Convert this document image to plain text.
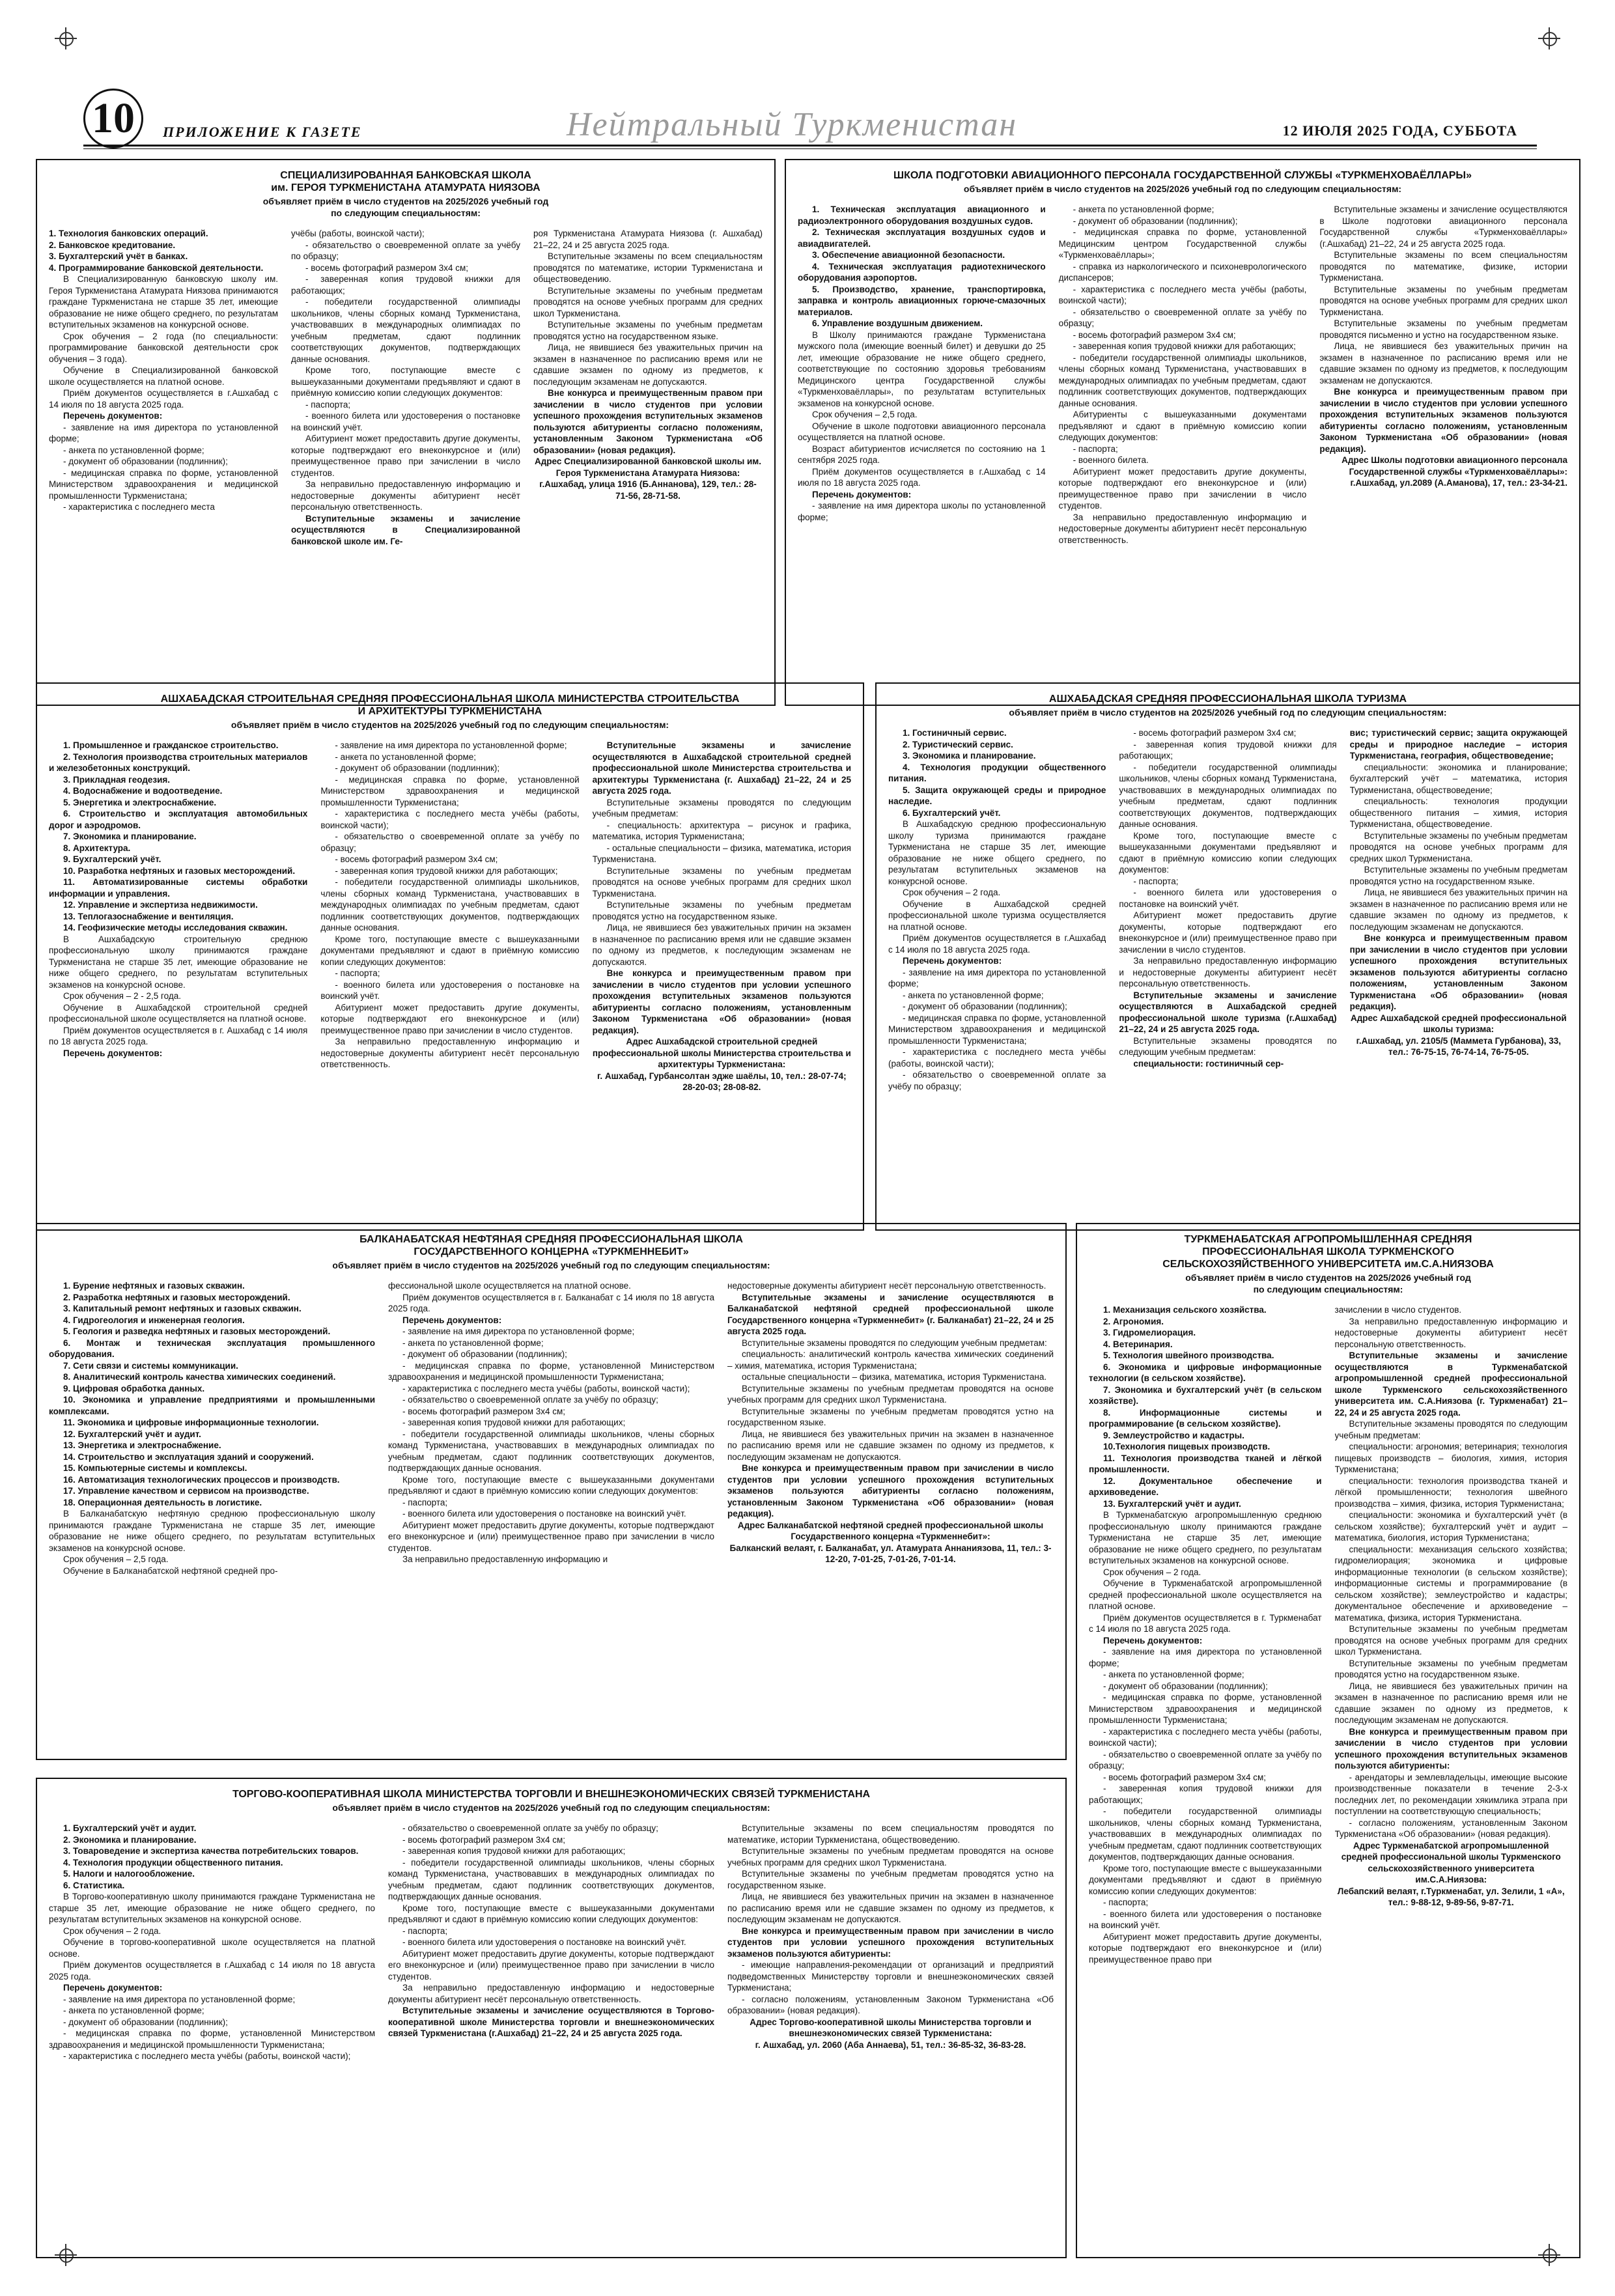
10	ПРИЛОЖЕНИЕ К ГАЗЕТЕ	Нейтральный Туркменистан	12 ИЮЛЯ 2025 ГОДА, СУББОТА
СПЕЦИАЛИЗИРОВАННАЯ БАНКОВСКАЯ ШКОЛА
им. ГЕРОЯ ТУРКМЕНИСТАНА АТАМУРАТА НИЯЗОВА
объявляет приём в число студентов на 2025/2026 учебный год
по следующим специальностям:

1. Технология банковских операций.

2. Банковское кредитование.

3. Бухгалтерский учёт в банках.

4. Программирование банковской деятельности.

В Специализированную банковскую школу им. Героя Туркменистана Атамурата Ниязова принимаются граждане Туркменистана не старше 35 лет, имеющие образование не ниже общего среднего, по результатам вступительных экзаменов на конкурсной основе.

Срок обучения – 2 года (по специальности: программирование банковской деятельности срок обучения – 3 года).

Обучение в Специализированной банковской школе осуществляется на платной основе.

Приём документов осуществляется в г.Ашхабад с 14 июля по 18 августа 2025 года.

Перечень документов:

- заявление на имя директора по установленной форме;

- анкета по установленной форме;

- документ об образовании (подлинник);

- медицинская справка по форме, установленной Министерством здравоохранения и медицинской промышленности Туркменистана;

- характеристика с последнего места

учёбы (работы, воинской части);

- обязательство о своевременной оплате за учёбу по образцу;

- восемь фотографий размером 3х4 см;

- заверенная копия трудовой книжки для работающих;

- победители государственной олимпиады школьников, члены сборных команд Туркменистана, участвовавших в международных олимпиадах по учебным предметам, сдают подлинник соответствующих документов, подтверждающих данные основания.

Кроме того, поступающие вместе с вышеуказанными документами предъявляют и сдают в приёмную комиссию копии следующих документов:

- паспорта;

- военного билета или удостоверения о постановке на воинский учёт.

Абитуриент может предоставить другие документы, которые подтверждают его внеконкурсное и (или) преимущественное право при зачислении в число студентов.

За неправильно предоставленную информацию и недостоверные документы абитуриент несёт персональную ответственность.

Вступительные экзамены и зачисление осуществляются в Специализированной банковской школе им. Ге-

роя Туркменистана Атамурата Ниязова (г. Ашхабад) 21–22, 24 и 25 августа 2025 года.

Вступительные экзамены по всем специальностям проводятся по математике, истории Туркменистана и обществоведению.

Вступительные экзамены по учебным предметам проводятся на основе учебных программ для средних школ Туркменистана.

Вступительные экзамены по учебным предметам проводятся устно на государственном языке.

Лица, не явившиеся без уважительных причин на экзамен в назначенное по расписанию время или не сдавшие экзамен по одному из предметов, к последующим экзаменам не допускаются.

Вне конкурса и преимущественным правом при зачислении в число студентов при условии успешного прохождения вступительных экзаменов пользуются абитуриенты согласно положениям, установленным Законом Туркменистана «Об образовании» (новая редакция).

Адрес Специализированной банковской школы им. Героя Туркменистана Атамурата Ниязова:

г.Ашхабад, улица 1916 (Б.Аннанова), 129, тел.: 28-71-56, 28-71-58.

ШКОЛА ПОДГОТОВКИ АВИАЦИОННОГО ПЕРСОНАЛА ГОСУДАРСТВЕННОЙ СЛУЖБЫ «ТУРКМЕНХОВАЁЛЛАРЫ»
объявляет приём в число студентов на 2025/2026 учебный год по следующим специальностям:

1. Техническая эксплуатация авиационного и радиоэлектронного оборудования воздушных судов.

2. Техническая эксплуатация воздушных судов и авиадвигателей.

3. Обеспечение авиационной безопасности.

4. Техническая эксплуатация радиотехнического оборудования аэропортов.

5. Производство, хранение, транспортировка, заправка и контроль авиационных горюче-смазочных материалов.

6. Управление воздушным движением.

В Школу принимаются граждане Туркменистана мужского пола (имеющие военный билет) и девушки до 25 лет, имеющие образование не ниже общего среднего, соответствующие по состоянию здоровья требованиям Медицинского центра Государственной службы «Туркменховаёллары», по результатам вступительных экзаменов на конкурсной основе.

Срок обучения – 2,5 года.

Обучение в школе подготовки авиационного персонала осуществляется на платной основе.

Возраст абитуриентов исчисляется по состоянию на 1 сентября 2025 года.

Приём документов осуществляется в г.Ашхабад с 14 июля по 18 августа 2025 года.

Перечень документов:

- заявление на имя директора школы по установленной форме;

- анкета по установленной форме;

- документ об образовании (подлинник);

- медицинская справка по форме, установленной Медицинским центром Государственной службы «Туркменховаёллары»;

- справка из наркологического и психоневрологического диспансеров;

- характеристика с последнего места учёбы (работы, воинской части);

- обязательство о своевременной оплате за учёбу по образцу;

- восемь фотографий размером 3х4 см;

- заверенная копия трудовой книжки для работающих;

- победители государственной олимпиады школьников, члены сборных команд Туркменистана, участвовавших в международных олимпиадах по учебным предметам, сдают подлинник соответствующих документов, подтверждающих данные основания.

Абитуриенты с вышеуказанными документами предъявляют и сдают в приёмную комиссию копии следующих документов:

- паспорта;

- военного билета.

Абитуриент может предоставить другие документы, которые подтверждают его внеконкурсное и (или) преимущественное право при зачислении в число студентов.

За неправильно предоставленную информацию и недостоверные документы абитуриент несёт персональную ответственность.

Вступительные экзамены и зачисление осуществляются в Школе подготовки авиационного персонала Государственной службы «Туркменховаёллары» (г.Ашхабад) 21–22, 24 и 25 августа 2025 года.

Вступительные экзамены по всем специальностям проводятся по математике, физике, истории Туркменистана.

Вступительные экзамены по учебным предметам проводятся на основе учебных программ для средних школ Туркменистана.

Вступительные экзамены по учебным предметам проводятся письменно и устно на государственном языке.

Лица, не явившиеся без уважительных причин на экзамен в назначенное по расписанию время или не сдавшие экзамен по одному из предметов, к последующим экзаменам не допускаются.

Вне конкурса и преимущественным правом при зачислении в число студентов при условии успешного прохождения вступительных экзаменов пользуются абитуриенты согласно положениям, установленным Законом Туркменистана «Об образовании» (новая редакция).

Адрес Школы подготовки авиационного персонала Государственной службы «Туркменховаёллары»: г.Ашхабад, ул.2089 (А.Аманова), 17, тел.: 23-34-21.

АШХАБАДСКАЯ СТРОИТЕЛЬНАЯ СРЕДНЯЯ ПРОФЕССИОНАЛЬНАЯ ШКОЛА МИНИСТЕРСТВА СТРОИТЕЛЬСТВА
И АРХИТЕКТУРЫ ТУРКМЕНИСТАНА
объявляет приём в число студентов на 2025/2026 учебный год по следующим специальностям:

1. Промышленное и гражданское строительство.

2. Технология производства строительных материалов и железобетонных конструкций.

3. Прикладная геодезия.

4. Водоснабжение и водоотведение.

5. Энергетика и электроснабжение.

6. Строительство и эксплуатация автомобильных дорог и аэродромов.

7. Экономика и планирование.

8. Архитектура.

9. Бухгалтерский учёт.

10. Разработка нефтяных и газовых месторождений.

11. Автоматизированные системы обработки информации и управления.

12. Управление и экспертиза недвижимости.

13. Теплогазоснабжение и вентиляция.

14. Геофизические методы исследования скважин.

В Ашхабадскую строительную среднюю профессиональную школу принимаются граждане Туркменистана не старше 35 лет, имеющие образование не ниже общего среднего, по результатам вступительных экзаменов на конкурсной основе.

Срок обучения – 2 - 2,5 года.

Обучение в Ашхабадской строительной средней профессиональной школе осуществляется на платной основе.

Приём документов осуществляется в г. Ашхабад с 14 июля по 18 августа 2025 года.

Перечень документов:

- заявление на имя директора по установленной форме;

- анкета по установленной форме;

- документ об образовании (подлинник);

- медицинская справка по форме, установленной Министерством здравоохранения и медицинской промышленности Туркменистана;

- характеристика с последнего места учёбы (работы, воинской части);

- обязательство о своевременной оплате за учёбу по образцу;

- восемь фотографий размером 3х4 см;

- заверенная копия трудовой книжки для работающих;

- победители государственной олимпиады школьников, члены сборных команд Туркменистана, участвовавших в международных олимпиадах по учебным предметам, сдают подлинник соответствующих документов, подтверждающих данные основания.

Кроме того, поступающие вместе с вышеуказанными документами предъявляют и сдают в приёмную комиссию копии следующих документов:

- паспорта;

- военного билета или удостоверения о постановке на воинский учёт.

Абитуриент может предоставить другие документы, которые подтверждают его внеконкурсное и (или) преимущественное право при зачислении в число студентов.

За неправильно предоставленную информацию и недостоверные документы абитуриент несёт персональную ответственность.

Вступительные экзамены и зачисление осуществляются в Ашхабадской строительной средней профессиональной школе Министерства строительства и архитектуры Туркменистана (г. Ашхабад) 21–22, 24 и 25 августа 2025 года.

Вступительные экзамены проводятся по следующим учебным предметам:

- специальность: архитектура – рисунок и графика, математика, история Туркменистана;

- остальные специальности – физика, математика, история Туркменистана.

Вступительные экзамены по учебным предметам проводятся на основе учебных программ для средних школ Туркменистана.

Вступительные экзамены по учебным предметам проводятся устно на государственном языке.

Лица, не явившиеся без уважительных причин на экзамен в назначенное по расписанию время или не сдавшие экзамен по одному из предметов, к последующим экзаменам не допускаются.

Вне конкурса и преимущественным правом при зачислении в число студентов при условии успешного прохождения вступительных экзаменов пользуются абитуриенты согласно положениям, установленным Законом Туркменистана «Об образовании» (новая редакция).

Адрес Ашхабадской строительной средней профессиональной школы Министерства строительства и архитектуры Туркменистана:

г. Ашхабад, Гурбансолтан эдже шаёлы, 10, тел.: 28-07-74; 28-20-03; 28-08-82.

АШХАБАДСКАЯ СРЕДНЯЯ ПРОФЕССИОНАЛЬНАЯ ШКОЛА ТУРИЗМА
объявляет приём в число студентов на 2025/2026 учебный год по следующим специальностям:

1. Гостиничный сервис.

2. Туристический сервис.

3. Экономика и планирование.

4. Технология продукции общественного питания.

5. Защита окружающей среды и природное наследие.

6. Бухгалтерский учёт.

В Ашхабадскую среднюю профессиональную школу туризма принимаются граждане Туркменистана не старше 35 лет, имеющие образование не ниже общего среднего, по результатам вступительных экзаменов на конкурсной основе.

Срок обучения – 2 года.

Обучение в Ашхабадской средней профессиональной школе туризма осуществляется на платной основе.

Приём документов осуществляется в г.Ашхабад с 14 июля по 18 августа 2025 года.

Перечень документов:

- заявление на имя директора по установленной форме;

- анкета по установленной форме;

- документ об образовании (подлинник);

- медицинская справка по форме, установленной Министерством здравоохранения и медицинской промышленности Туркменистана;

- характеристика с последнего места учёбы (работы, воинской части);

- обязательство о своевременной оплате за учёбу по образцу;

- восемь фотографий размером 3х4 см;

- заверенная копия трудовой книжки для работающих;

- победители государственной олимпиады школьников, члены сборных команд Туркменистана, участвовавших в международных олимпиадах по учебным предметам, сдают подлинник соответствующих документов, подтверждающих данные основания.

Кроме того, поступающие вместе с вышеуказанными документами предъявляют и сдают в приёмную комиссию копии следующих документов:

- паспорта;

- военного билета или удостоверения о постановке на воинский учёт.

Абитуриент может предоставить другие документы, которые подтверждают его внеконкурсное и (или) преимущественное право при зачислении в число студентов.

За неправильно предоставленную информацию и недостоверные документы абитуриент несёт персональную ответственность.

Вступительные экзамены и зачисление осуществляются в Ашхабадской средней профессиональной школе туризма (г.Ашхабад) 21–22, 24 и 25 августа 2025 года.

Вступительные экзамены проводятся по следующим учебным предметам:

специальности: гостиничный сер-

вис; туристический сервис; защита окружающей среды и природное наследие – история Туркменистана, география, обществоведение;

специальности: экономика и планирование; бухгалтерский учёт – математика, история Туркменистана, обществоведение;

специальность: технология продукции общественного питания – химия, история Туркменистана, обществоведение.

Вступительные экзамены по учебным предметам проводятся на основе учебных программ для средних школ Туркменистана.

Вступительные экзамены по учебным предметам проводятся устно на государственном языке.

Лица, не явившиеся без уважительных причин на экзамен в назначенное по расписанию время или не сдавшие экзамен по одному из предметов, к последующим экзаменам не допускаются.

Вне конкурса и преимущественным правом при зачислении в число студентов при условии успешного прохождения вступительных экзаменов пользуются абитуриенты согласно положениям, установленным Законом Туркменистана «Об образовании» (новая редакция).

Адрес Ашхабадской средней профессиональной школы туризма:

г.Ашхабад, ул. 2105/5 (Мамметa Гурбанова), 33, тел.: 76-75-15, 76-74-14, 76-75-05.

БАЛКАНАБАТСКАЯ НЕФТЯНАЯ СРЕДНЯЯ ПРОФЕССИОНАЛЬНАЯ ШКОЛА
ГОСУДАРСТВЕННОГО КОНЦЕРНА «ТУРКМЕННЕБИТ»
объявляет приём в число студентов на 2025/2026 учебный год по следующим специальностям:

1. Бурение нефтяных и газовых скважин.

2. Разработка нефтяных и газовых месторождений.

3. Капитальный ремонт нефтяных и газовых скважин.

4. Гидрогеология и инженерная геология.

5. Геология и разведка нефтяных и газовых месторождений.

6. Монтаж и техническая эксплуатация промышленного оборудования.

7. Сети связи и системы коммуникации.

8. Аналитический контроль качества химических соединений.

9. Цифровая обработка данных.

10. Экономика и управление предприятиями и промышленными комплексами.

11. Экономика и цифровые информационные технологии.

12. Бухгалтерский учёт и аудит.

13. Энергетика и электроснабжение.

14. Строительство и эксплуатация зданий и сооружений.

15. Компьютерные системы и комплексы.

16. Автоматизация технологических процессов и производств.

17. Управление качеством и сервисом на производстве.

18. Операционная деятельность в логистике.

В Балканабатскую нефтяную среднюю профессиональную школу принимаются граждане Туркменистана не старше 35 лет, имеющие образование не ниже общего среднего, по результатам вступительных экзаменов на конкурсной основе.

Срок обучения – 2,5 года.

Обучение в Балканабатской нефтяной средней про-

фессиональной школе осуществляется на платной основе.

Приём документов осуществляется в г. Балканабат с 14 июля по 18 августа 2025 года.

Перечень документов:

- заявление на имя директора по установленной форме;

- анкета по установленной форме;

- документ об образовании (подлинник);

- медицинская справка по форме, установленной Министерством здравоохранения и медицинской промышленности Туркменистана;

- характеристика с последнего места учёбы (работы, воинской части);

- обязательство о своевременной оплате за учёбу по образцу;

- восемь фотографий размером 3х4 см;

- заверенная копия трудовой книжки для работающих;

- победители государственной олимпиады школьников, члены сборных команд Туркменистана, участвовавших в международных олимпиадах по учебным предметам, сдают подлинник соответствующих документов, подтверждающих данные основания.

Кроме того, поступающие вместе с вышеуказанными документами предъявляют и сдают в приёмную комиссию копии следующих документов:

- паспорта;

- военного билета или удостоверения о постановке на воинский учёт.

Абитуриент может предоставить другие документы, которые подтверждают его внеконкурсное и (или) преимущественное право при зачислении в число студентов.

За неправильно предоставленную информацию и

недостоверные документы абитуриент несёт персональную ответственность.

Вступительные экзамены и зачисление осуществляются в Балканабатской нефтяной средней профессиональной школе Государственного концерна «Туркменнебит» (г. Балканабат) 21–22, 24 и 25 августа 2025 года.

Вступительные экзамены проводятся по следующим учебным предметам:

специальность: аналитический контроль качества химических соединений – химия, математика, история Туркменистана;

остальные специальности – физика, математика, история Туркменистана.

Вступительные экзамены по учебным предметам проводятся на основе учебных программ для средних школ Туркменистана.

Вступительные экзамены по учебным предметам проводятся устно на государственном языке.

Лица, не явившиеся без уважительных причин на экзамен в назначенное по расписанию время или не сдавшие экзамен по одному из предметов, к последующим экзаменам не допускаются.

Вне конкурса и преимущественным правом при зачислении в число студентов при условии успешного прохождения вступительных экзаменов пользуются абитуриенты согласно положениям, установленным Законом Туркменистана «Об образовании» (новая редакция).

Адрес Балканабатской нефтяной средней профессиональной школы Государственного концерна «Туркменнебит»:

Балканский велаят, г. Балканабат, ул. Атамурата Аннаниязова, 11, тел.: 3-12-20, 7-01-25, 7-01-26, 7-01-14.

ТУРКМЕНАБАТСКАЯ АГРОПРОМЫШЛЕННАЯ СРЕДНЯЯ
ПРОФЕССИОНАЛЬНАЯ ШКОЛА ТУРКМЕНСКОГО
СЕЛЬСКОХОЗЯЙСТВЕННОГО УНИВЕРСИТЕТА им.С.А.НИЯЗОВА
объявляет приём в число студентов на 2025/2026 учебный год
по следующим специальностям:

1. Механизация сельского хозяйства.

2. Агрономия.

3. Гидромелиорация.

4. Ветеринария.

5. Технология швейного производства.

6. Экономика и цифровые информационные технологии (в сельском хозяйстве).

7. Экономика и бухгалтерский учёт (в сельском хозяйстве).

8. Информационные системы и программирование (в сельском хозяйстве).

9. Землеустройство и кадастры.

10.Технология пищевых производств.

11. Технология производства тканей и лёгкой промышленности.

12. Документальное обеспечение и архивоведение.

13. Бухгалтерский учёт и аудит.

В Туркменабатскую агропромышленную среднюю профессиональную школу принимаются граждане Туркменистана не старше 35 лет, имеющие образование не ниже общего среднего, по результатам вступительных экзаменов на конкурсной основе.

Срок обучения – 2 года.

Обучение в Туркменабатской агропромышленной средней профессиональной школе осуществляется на платной основе.

Приём документов осуществляется в г. Туркменабат с 14 июля по 18 августа 2025 года.

Перечень документов:

- заявление на имя директора по установленной форме;

- анкета по установленной форме;

- документ об образовании (подлинник);

- медицинская справка по форме, установленной Министерством здравоохранения и медицинской промышленности Туркменистана;

- характеристика с последнего места учёбы (работы, воинской части);

- обязательство о своевременной оплате за учёбу по образцу;

- восемь фотографий размером 3х4 см;

- заверенная копия трудовой книжки для работающих;

- победители государственной олимпиады школьников, члены сборных команд Туркменистана, участвовавших в международных олимпиадах по учебным предметам, сдают подлинник соответствующих документов, подтверждающих данные основания.

Кроме того, поступающие вместе с вышеуказанными документами предъявляют и сдают в приёмную комиссию копии следующих документов:

- паспорта;

- военного билета или удостоверения о постановке на воинский учёт.

Абитуриент может предоставить другие документы, которые подтверждают его внеконкурсное и (или) преимущественное право при

зачислении в число студентов.

За неправильно предоставленную информацию и недостоверные документы абитуриент несёт персональную ответственность.

Вступительные экзамены и зачисление осуществляются в Туркменабатской агропромышленной средней профессиональной школе Туркменского сельскохозяйственного университета им. С.А.Ниязова (г. Туркменабат) 21–22, 24 и 25 августа 2025 года.

Вступительные экзамены проводятся по следующим учебным предметам:

специальности: агрономия; ветеринария; технология пищевых производств – биология, химия, история Туркменистана;

специальности: технология производства тканей и лёгкой промышленности; технология швейного производства – химия, физика, история Туркменистана;

специальности: экономика и бухгалтерский учёт (в сельском хозяйстве); бухгалтерский учёт и аудит – математика, биология, история Туркменистана;

специальности: механизация сельского хозяйства; гидромелиорация; экономика и цифровые информационные технологии (в сельском хозяйстве); информационные системы и программирование (в сельском хозяйстве); землеустройство и кадастры; документальное обеспечение и архивоведение – математика, физика, история Туркменистана.

Вступительные экзамены по учебным предметам проводятся на основе учебных программ для средних школ Туркменистана.

Вступительные экзамены по учебным предметам проводятся устно на государственном языке.

Лица, не явившиеся без уважительных причин на экзамен в назначенное по расписанию время или не сдавшие экзамен по одному из предметов, к последующим экзаменам не допускаются.

Вне конкурса и преимущественным правом при зачислении в число студентов при условии успешного прохождения вступительных экзаменов пользуются абитуриенты:

- арендаторы и землевладельцы, имеющие высокие производственные показатели в течение 2-3-х последних лет, по рекомендации хякимлика этрапа при поступлении на соответствующую специальность;

- согласно положениям, установленным Законом Туркменистана «Об образовании» (новая редакция).

Адрес Туркменабатской агропромышленной средней профессиональной школы Туркменского сельскохозяйственного университета им.С.А.Ниязова:

Лебапский велаят, г.Туркменабат, ул. Зелили, 1 «А», тел.: 9-88-12, 9-89-56, 9-87-71.

ТОРГОВО-КООПЕРАТИВНАЯ ШКОЛА МИНИСТЕРСТВА ТОРГОВЛИ И ВНЕШНЕЭКОНОМИЧЕСКИХ СВЯЗЕЙ ТУРКМЕНИСТАНА
объявляет приём в число студентов на 2025/2026 учебный год по следующим специальностям:

1. Бухгалтерский учёт и аудит.

2. Экономика и планирование.

3. Товароведение и экспертиза качества потребительских товаров.

4. Технология продукции общественного питания.

5. Налоги и налогообложение.

6. Статистика.

В Торгово-кооперативную школу принимаются граждане Туркменистана не старше 35 лет, имеющие образование не ниже общего среднего, по результатам вступительных экзаменов на конкурсной основе.

Срок обучения – 2 года.

Обучение в торгово-кооперативной школе осуществляется на платной основе.

Приём документов осуществляется в г.Ашхабад с 14 июля по 18 августа 2025 года.

Перечень документов:

- заявление на имя директора по установленной форме;

- анкета по установленной форме;

- документ об образовании (подлинник);

- медицинская справка по форме, установленной Министерством здравоохранения и медицинской промышленности Туркменистана;

- характеристика с последнего места учёбы (работы, воинской части);

- обязательство о своевременной оплате за учёбу по образцу;

- восемь фотографий размером 3х4 см;

- заверенная копия трудовой книжки для работающих;

- победители государственной олимпиады школьников, члены сборных команд Туркменистана, участвовавших в международных олимпиадах по учебным предметам, сдают подлинник соответствующих документов, подтверждающих данные основания.

Кроме того, поступающие вместе с вышеуказанными документами предъявляют и сдают в приёмную комиссию копии следующих документов:

- паспорта;

- военного билета или удостоверения о постановке на воинский учёт.

Абитуриент может предоставить другие документы, которые подтверждают его внеконкурсное и (или) преимущественное право при зачислении в число студентов.

За неправильно предоставленную информацию и недостоверные документы абитуриент несёт персональную ответственность.

Вступительные экзамены и зачисление осуществляются в Торгово-кооперативной школе Министерства торговли и внешнеэкономических связей Туркменистана (г.Ашхабад) 21–22, 24 и 25 августа 2025 года.

Вступительные экзамены по всем специальностям проводятся по математике, истории Туркменистана, обществоведению.

Вступительные экзамены по учебным предметам проводятся на основе учебных программ для средних школ Туркменистана.

Вступительные экзамены по учебным предметам проводятся устно на государственном языке.

Лица, не явившиеся без уважительных причин на экзамен в назначенное по расписанию время или не сдавшие экзамен по одному из предметов, к последующим экзаменам не допускаются.

Вне конкурса и преимущественным правом при зачислении в число студентов при условии успешного прохождения вступительных экзаменов пользуются абитуриенты:

- имеющие направления-рекомендации от организаций и предприятий подведомственных Министерству торговли и внешнеэкономических связей Туркменистана;

- согласно положениям, установленным Законом Туркменистана «Об образовании» (новая редакция).

Адрес Торгово-кооперативной школы Министерства торговли и внешнеэкономических связей Туркменистана:

г. Ашхабад, ул. 2060 (Аба Аннаева), 51, тел.: 36-85-32, 36-83-28.
